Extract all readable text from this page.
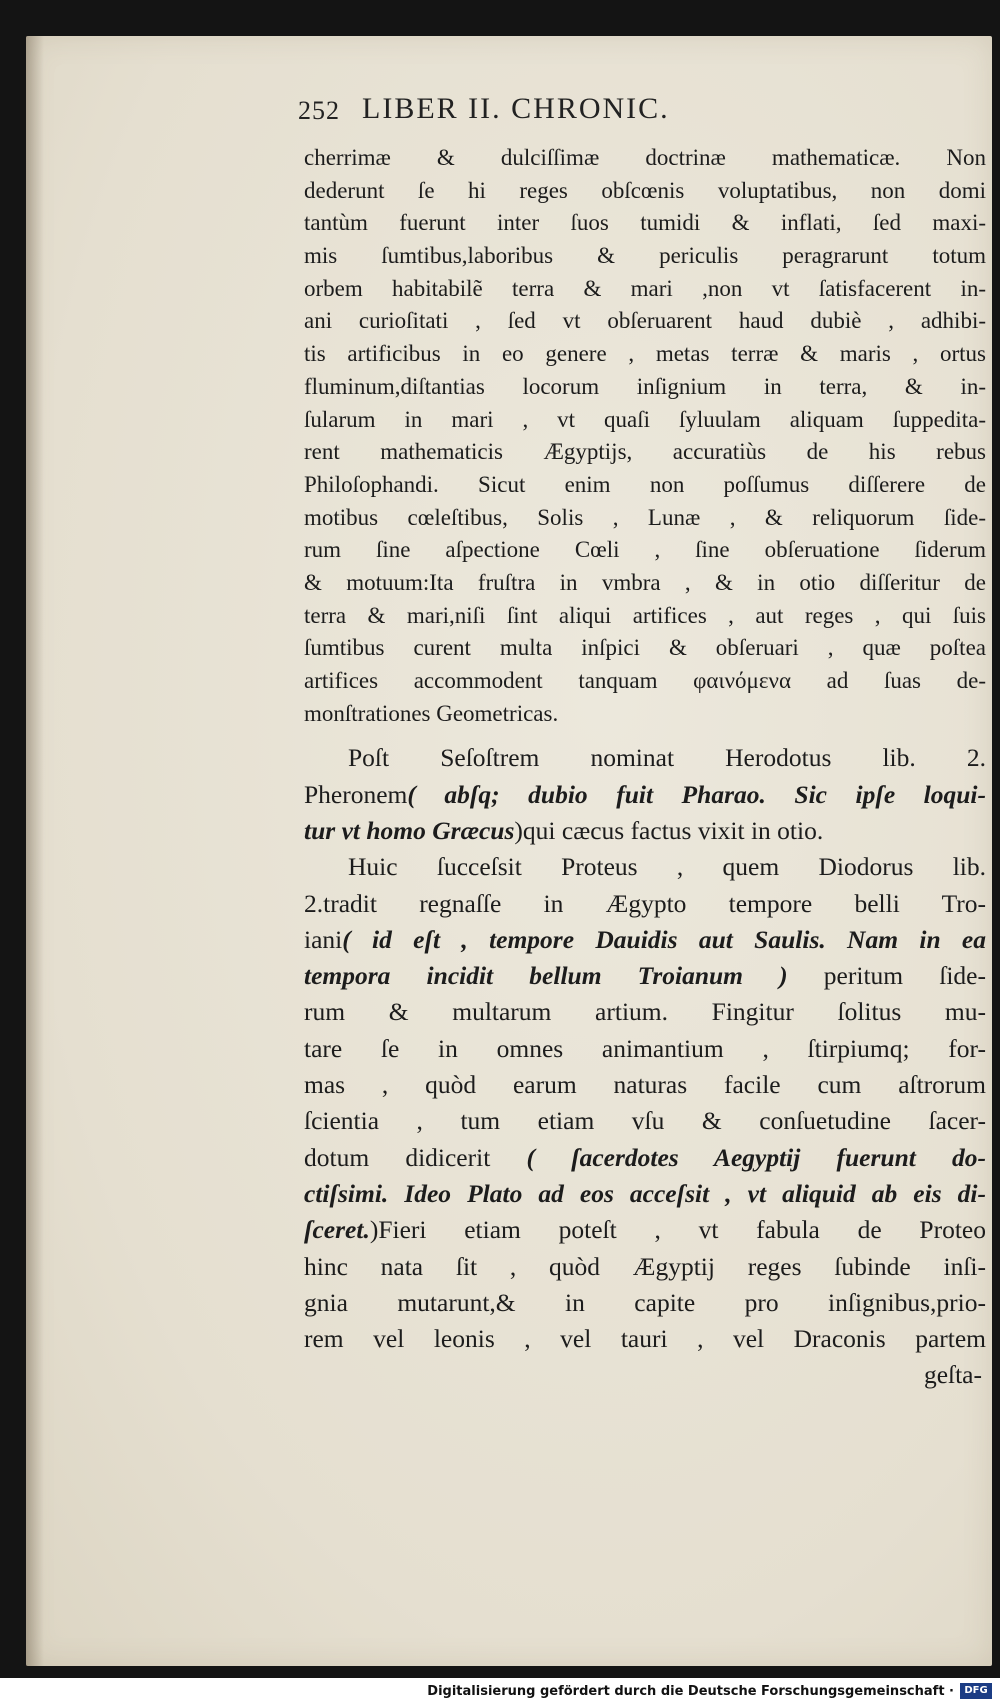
252 LIBER II. CHRONIC.
cherrimæ & dulciſſimæ doctrinæ mathematicæ. Non
dederunt ſe hi reges obſcœnis voluptatibus, non domi
tantùm fuerunt inter ſuos tumidi & inflati, ſed maxi-
mis ſumtibus,laboribus & periculis peragrarunt totum
orbem habitabilẽ terra & mari ,non vt ſatisfacerent in-
ani curioſitati , ſed vt obſeruarent haud dubiè , adhibi-
tis artificibus in eo genere , metas terræ & maris , ortus
fluminum,diſtantias locorum inſignium in terra, & in-
ſularum in mari , vt quaſi ſyluulam aliquam ſuppedita-
rent mathematicis Ægyptijs, accuratiùs de his rebus
Philoſophandi. Sicut enim non poſſumus diſſerere de
motibus cœleſtibus, Solis , Lunæ , & reliquorum ſide-
rum ſine aſpectione Cœli , ſine obſeruatione ſiderum
& motuum:Ita fruſtra in vmbra , & in otio diſſeritur de
terra & mari,niſi ſint aliqui artifices , aut reges , qui ſuis
ſumtibus curent multa inſpici & obſeruari , quæ poſtea
artifices accommodent tanquam φαινόμενα ad ſuas de-
monſtrationes Geometricas.
Poſt Seſoſtrem nominat Herodotus lib. 2.
Pheronem( abſq; dubio fuit Pharao. Sic ipſe loqui-
tur vt homo Græcus)qui cæcus factus vixit in otio.
Huic ſucceſsit Proteus , quem Diodorus lib.
2.tradit regnaſſe in Ægypto tempore belli Tro-
iani( id eſt , tempore Dauidis aut Saulis. Nam in ea
tempora incidit bellum Troianum ) peritum ſide-
rum & multarum artium. Fingitur ſolitus mu-
tare ſe in omnes animantium , ſtirpiumq; for-
mas , quòd earum naturas facile cum aſtrorum
ſcientia , tum etiam vſu & conſuetudine ſacer-
dotum didicerit ( ſacerdotes Aegyptij fuerunt do-
ctiſsimi. Ideo Plato ad eos acceſsit , vt aliquid ab eis di-
ſceret.)Fieri etiam poteſt , vt fabula de Proteo
hinc nata ſit , quòd Ægyptij reges ſubinde inſi-
gnia mutarunt,& in capite pro inſignibus,prio-
rem vel leonis , vel tauri , vel Draconis partem
geſta-
Digitalisierung gefördert durch die Deutsche Forschungsgemeinschaft ·	DFG
